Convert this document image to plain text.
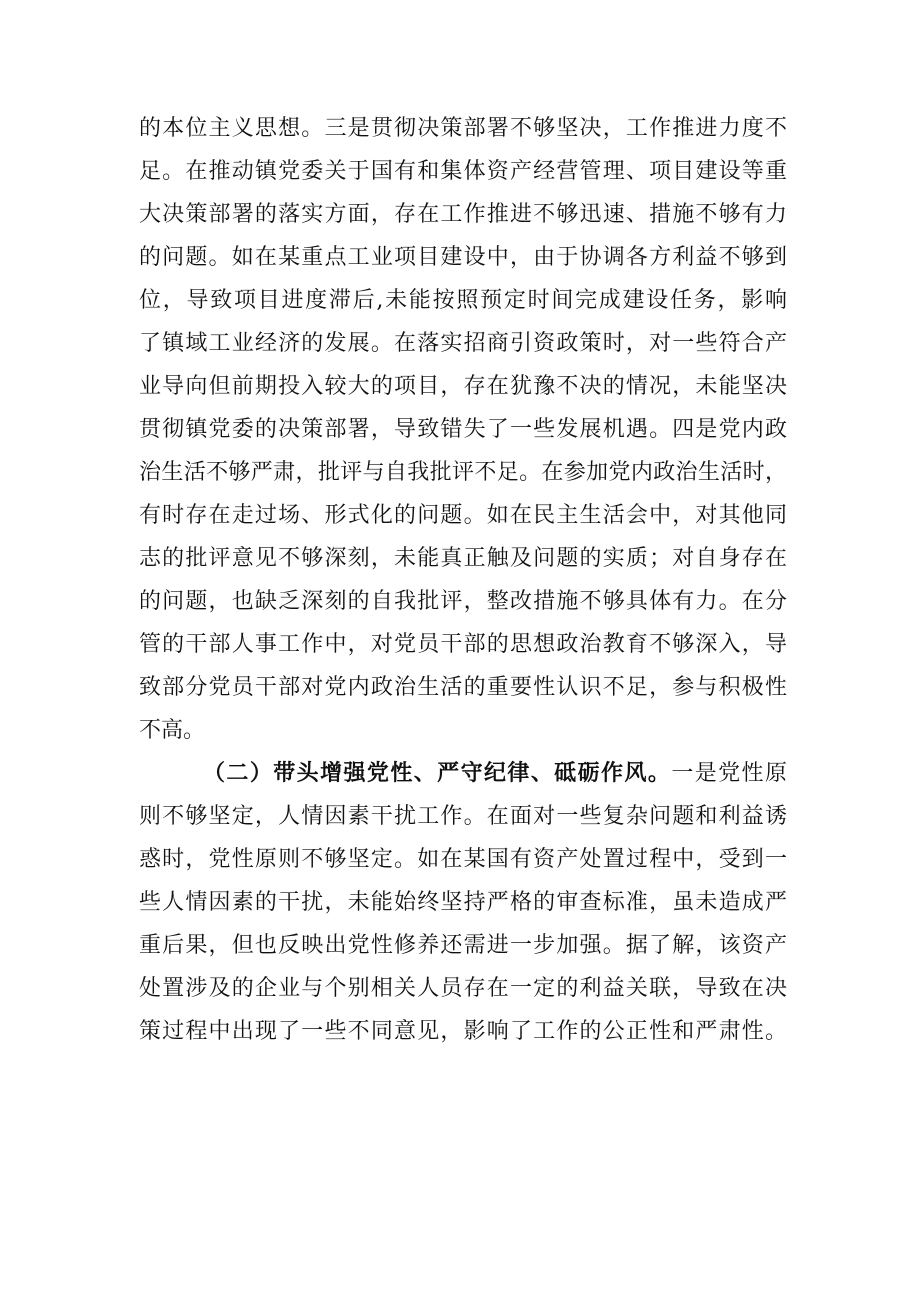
的本位主义思想。三是贯彻决策部署不够坚决，工作推进力度不
足。在推动镇党委关于国有和集体资产经营管理、项目建设等重
大决策部署的落实方面，存在工作推进不够迅速、措施不够有力
的问题。如在某重点工业项目建设中，由于协调各方利益不够到
位，导致项目进度滞后,未能按照预定时间完成建设任务，影响
了镇域工业经济的发展。在落实招商引资政策时，对一些符合产
业导向但前期投入较大的项目，存在犹豫不决的情况，未能坚决
贯彻镇党委的决策部署，导致错失了一些发展机遇。四是党内政
治生活不够严肃，批评与自我批评不足。在参加党内政治生活时，
有时存在走过场、形式化的问题。如在民主生活会中，对其他同
志的批评意见不够深刻，未能真正触及问题的实质；对自身存在
的问题，也缺乏深刻的自我批评，整改措施不够具体有力。在分
管的干部人事工作中，对党员干部的思想政治教育不够深入，导
致部分党员干部对党内政治生活的重要性认识不足，参与积极性
不高。
（二）带头增强党性、严守纪律、砥砺作风。一是党性原
则不够坚定，人情因素干扰工作。在面对一些复杂问题和利益诱
惑时，党性原则不够坚定。如在某国有资产处置过程中，受到一
些人情因素的干扰，未能始终坚持严格的审查标准，虽未造成严
重后果，但也反映出党性修养还需进一步加强。据了解，该资产
处置涉及的企业与个别相关人员存在一定的利益关联，导致在决
策过程中出现了一些不同意见，影响了工作的公正性和严肃性。
